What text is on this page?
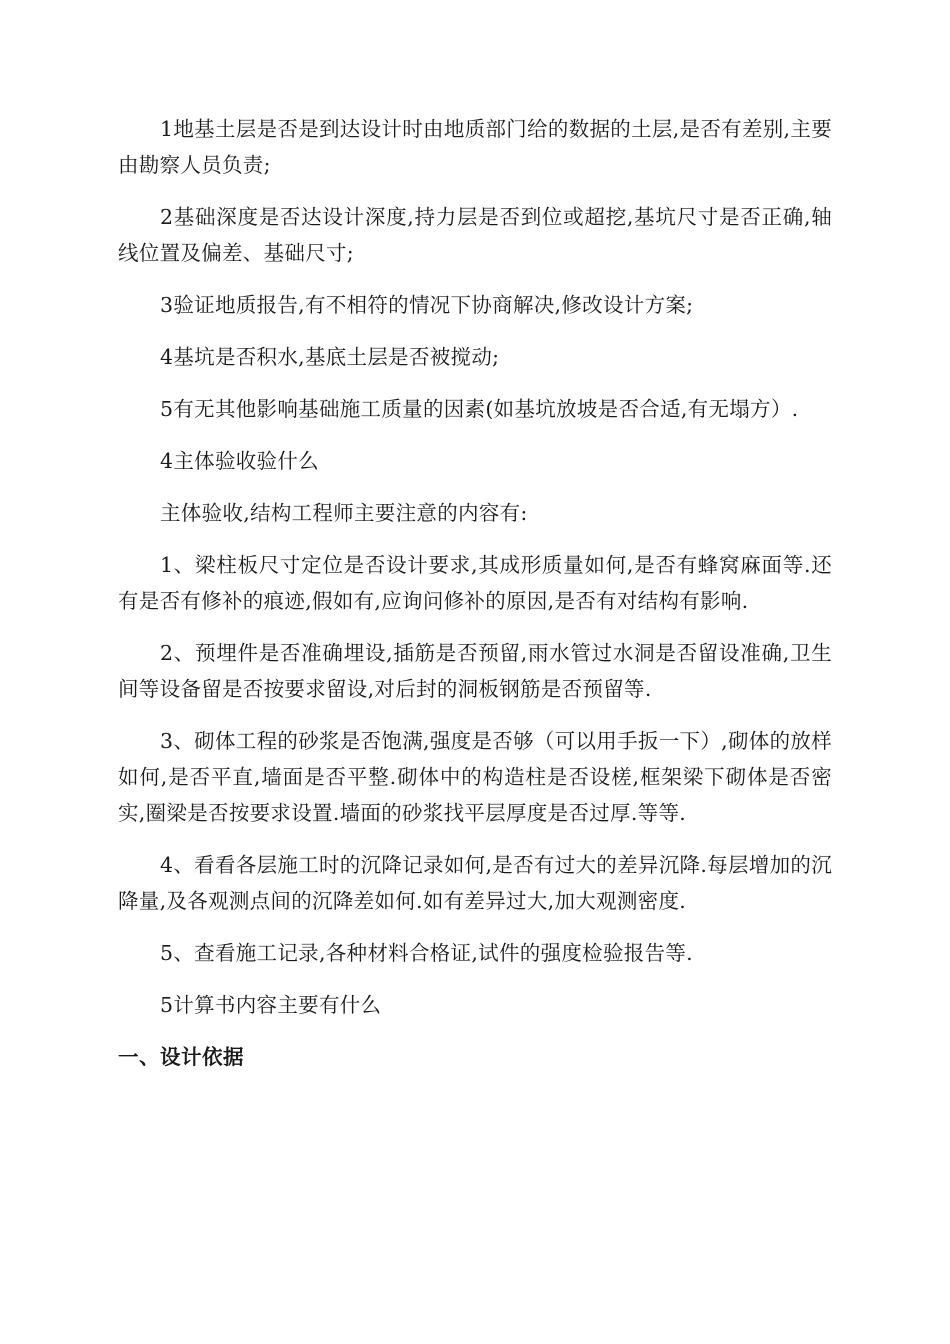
1地基土层是否是到达设计时由地质部门给的数据的土层,是否有差别,主要由勘察人员负责;

2基础深度是否达设计深度,持力层是否到位或超挖,基坑尺寸是否正确,轴线位置及偏差、基础尺寸;

3验证地质报告,有不相符的情况下协商解决,修改设计方案;

4基坑是否积水,基底土层是否被搅动;

5有无其他影响基础施工质量的因素(如基坑放坡是否合适,有无塌方）.

4主体验收验什么

主体验收,结构工程师主要注意的内容有:

1、梁柱板尺寸定位是否设计要求,其成形质量如何,是否有蜂窝麻面等.还有是否有修补的痕迹,假如有,应询问修补的原因,是否有对结构有影响.

2、预埋件是否准确埋设,插筋是否预留,雨水管过水洞是否留设准确,卫生间等设备留是否按要求留设,对后封的洞板钢筋是否预留等.

3、砌体工程的砂浆是否饱满,强度是否够（可以用手扳一下）,砌体的放样如何,是否平直,墙面是否平整.砌体中的构造柱是否设槎,框架梁下砌体是否密实,圈梁是否按要求设置.墙面的砂浆找平层厚度是否过厚.等等.

4、看看各层施工时的沉降记录如何,是否有过大的差异沉降.每层增加的沉降量,及各观测点间的沉降差如何.如有差异过大,加大观测密度.

5、查看施工记录,各种材料合格证,试件的强度检验报告等.

5计算书内容主要有什么

一、设计依据
